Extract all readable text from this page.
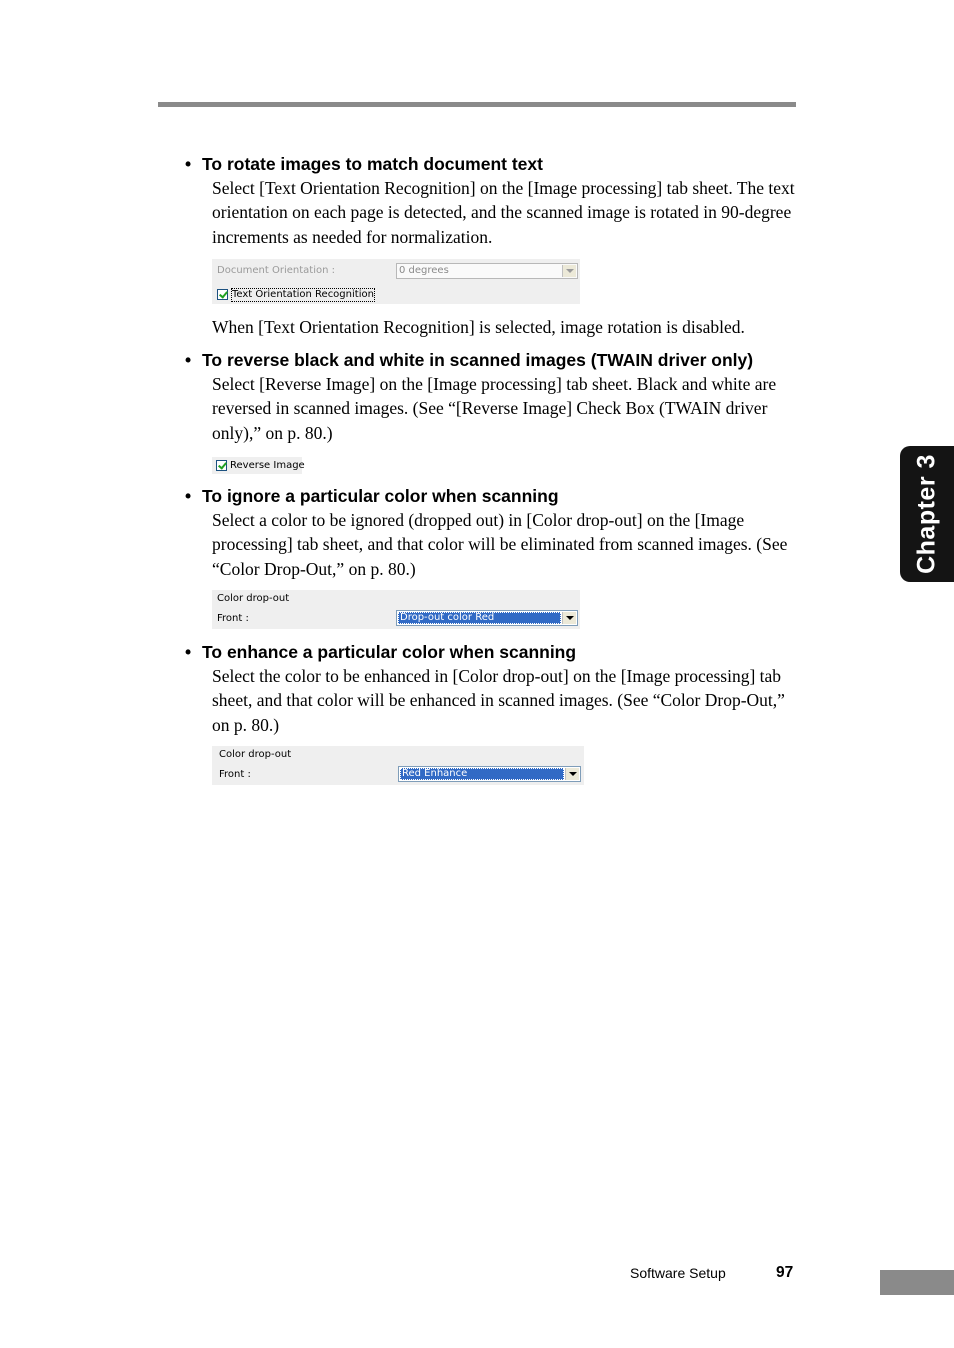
• To rotate images to match document text

Select [Text Orientation Recognition] on the [Image processing] tab sheet. The text orientation on each page is detected, and the scanned image is rotated in 90-degree increments as needed for normalization.

Document Orientation :	0 degrees
Text Orientation Recognition
When [Text Orientation Recognition] is selected, image rotation is disabled.

• To reverse black and white in scanned images (TWAIN driver only)

Select [Reverse Image] on the [Image processing] tab sheet. Black and white are reversed in scanned images. (See “[Reverse Image] Check Box (TWAIN driver only),” on p. 80.)

Reverse Image

• To ignore a particular color when scanning

Select a color to be ignored (dropped out) in [Color drop-out] on the [Image processing] tab sheet, and that color will be eliminated from scanned images. (See “Color Drop-Out,” on p. 80.)

Color drop-out
Front :	Drop-out color Red

• To enhance a particular color when scanning

Select the color to be enhanced in [Color drop-out] on the [Image processing] tab sheet, and that color will be enhanced in scanned images. (See “Color Drop-Out,” on p. 80.)

Color drop-out
Front :	Red Enhance
Chapter 3
Software Setup	97
